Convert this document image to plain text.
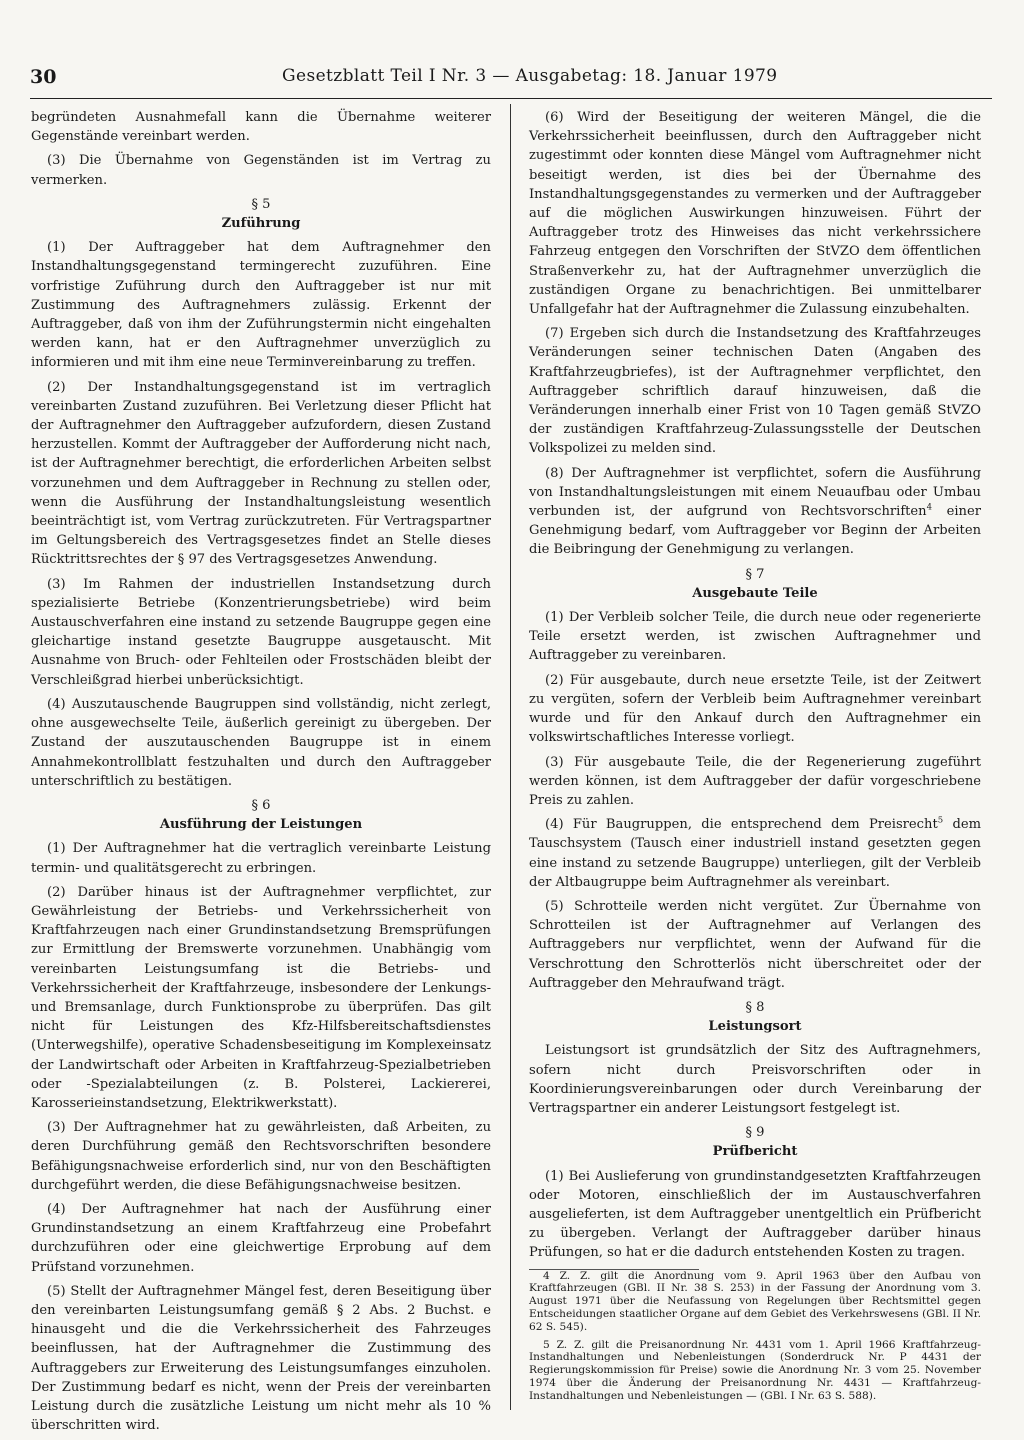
30	Gesetzblatt Teil I Nr. 3 — Ausgabetag: 18. Januar 1979

begründeten Ausnahmefall kann die Übernahme weiterer Gegenstände vereinbart werden.

(3) Die Übernahme von Gegenständen ist im Vertrag zu vermerken.

§ 5
Zuführung

(1) Der Auftraggeber hat dem Auftragnehmer den Instandhaltungsgegenstand termingerecht zuzuführen. Eine vorfristige Zuführung durch den Auftraggeber ist nur mit Zustimmung des Auftragnehmers zulässig. Erkennt der Auftraggeber, daß von ihm der Zuführungstermin nicht eingehalten werden kann, hat er den Auftragnehmer unverzüglich zu informieren und mit ihm eine neue Terminvereinbarung zu treffen.

(2) Der Instandhaltungsgegenstand ist im vertraglich vereinbarten Zustand zuzuführen. Bei Verletzung dieser Pflicht hat der Auftragnehmer den Auftraggeber aufzufordern, diesen Zustand herzustellen. Kommt der Auftraggeber der Aufforderung nicht nach, ist der Auftragnehmer berechtigt, die erforderlichen Arbeiten selbst vorzunehmen und dem Auftraggeber in Rechnung zu stellen oder, wenn die Ausführung der Instandhaltungsleistung wesentlich beeinträchtigt ist, vom Vertrag zurückzutreten. Für Vertragspartner im Geltungsbereich des Vertragsgesetzes findet an Stelle dieses Rücktrittsrechtes der § 97 des Vertragsgesetzes Anwendung.

(3) Im Rahmen der industriellen Instandsetzung durch spezialisierte Betriebe (Konzentrierungsbetriebe) wird beim Austauschverfahren eine instand zu setzende Baugruppe gegen eine gleichartige instand gesetzte Baugruppe ausgetauscht. Mit Ausnahme von Bruch- oder Fehlteilen oder Frostschäden bleibt der Verschleißgrad hierbei unberücksichtigt.

(4) Auszutauschende Baugruppen sind vollständig, nicht zerlegt, ohne ausgewechselte Teile, äußerlich gereinigt zu übergeben. Der Zustand der auszutauschenden Baugruppe ist in einem Annahmekontrollblatt festzuhalten und durch den Auftraggeber unterschriftlich zu bestätigen.

§ 6
Ausführung der Leistungen

(1) Der Auftragnehmer hat die vertraglich vereinbarte Leistung termin- und qualitätsgerecht zu erbringen.

(2) Darüber hinaus ist der Auftragnehmer verpflichtet, zur Gewährleistung der Betriebs- und Verkehrssicherheit von Kraftfahrzeugen nach einer Grundinstandsetzung Bremsprüfungen zur Ermittlung der Bremswerte vorzunehmen. Unabhängig vom vereinbarten Leistungsumfang ist die Betriebs- und Verkehrssicherheit der Kraftfahrzeuge, insbesondere der Lenkungs- und Bremsanlage, durch Funktionsprobe zu überprüfen. Das gilt nicht für Leistungen des Kfz-Hilfsbereitschaftsdienstes (Unterwegshilfe), operative Schadensbeseitigung im Komplexeinsatz der Landwirtschaft oder Arbeiten in Kraftfahrzeug-Spezialbetrieben oder -Spezialabteilungen (z. B. Polsterei, Lackiererei, Karosserieinstandsetzung, Elektrikwerkstatt).

(3) Der Auftragnehmer hat zu gewährleisten, daß Arbeiten, zu deren Durchführung gemäß den Rechtsvorschriften besondere Befähigungsnachweise erforderlich sind, nur von den Beschäftigten durchgeführt werden, die diese Befähigungsnachweise besitzen.

(4) Der Auftragnehmer hat nach der Ausführung einer Grundinstandsetzung an einem Kraftfahrzeug eine Probefahrt durchzuführen oder eine gleichwertige Erprobung auf dem Prüfstand vorzunehmen.

(5) Stellt der Auftragnehmer Mängel fest, deren Beseitigung über den vereinbarten Leistungsumfang gemäß § 2 Abs. 2 Buchst. e hinausgeht und die die Verkehrssicherheit des Fahrzeuges beeinflussen, hat der Auftragnehmer die Zustimmung des Auftraggebers zur Erweiterung des Leistungsumfanges einzuholen. Der Zustimmung bedarf es nicht, wenn der Preis der vereinbarten Leistung durch die zusätzliche Leistung um nicht mehr als 10 % überschritten wird.

(6) Wird der Beseitigung der weiteren Mängel, die die Verkehrssicherheit beeinflussen, durch den Auftraggeber nicht zugestimmt oder konnten diese Mängel vom Auftragnehmer nicht beseitigt werden, ist dies bei der Übernahme des Instandhaltungsgegenstandes zu vermerken und der Auftraggeber auf die möglichen Auswirkungen hinzuweisen. Führt der Auftraggeber trotz des Hinweises das nicht verkehrssichere Fahrzeug entgegen den Vorschriften der StVZO dem öffentlichen Straßenverkehr zu, hat der Auftragnehmer unverzüglich die zuständigen Organe zu benachrichtigen. Bei unmittelbarer Unfallgefahr hat der Auftragnehmer die Zulassung einzubehalten.

(7) Ergeben sich durch die Instandsetzung des Kraftfahrzeuges Veränderungen seiner technischen Daten (Angaben des Kraftfahrzeugbriefes), ist der Auftragnehmer verpflichtet, den Auftraggeber schriftlich darauf hinzuweisen, daß die Veränderungen innerhalb einer Frist von 10 Tagen gemäß StVZO der zuständigen Kraftfahrzeug-Zulassungsstelle der Deutschen Volkspolizei zu melden sind.

(8) Der Auftragnehmer ist verpflichtet, sofern die Ausführung von Instandhaltungsleistungen mit einem Neuaufbau oder Umbau verbunden ist, der aufgrund von Rechtsvorschriften$^4$ einer Genehmigung bedarf, vom Auftraggeber vor Beginn der Arbeiten die Beibringung der Genehmigung zu verlangen.

§ 7
Ausgebaute Teile

(1) Der Verbleib solcher Teile, die durch neue oder regenerierte Teile ersetzt werden, ist zwischen Auftragnehmer und Auftraggeber zu vereinbaren.

(2) Für ausgebaute, durch neue ersetzte Teile, ist der Zeitwert zu vergüten, sofern der Verbleib beim Auftragnehmer vereinbart wurde und für den Ankauf durch den Auftragnehmer ein volkswirtschaftliches Interesse vorliegt.

(3) Für ausgebaute Teile, die der Regenerierung zugeführt werden können, ist dem Auftraggeber der dafür vorgeschriebene Preis zu zahlen.

(4) Für Baugruppen, die entsprechend dem Preisrecht$^5$ dem Tauschsystem (Tausch einer industriell instand gesetzten gegen eine instand zu setzende Baugruppe) unterliegen, gilt der Verbleib der Altbaugruppe beim Auftragnehmer als vereinbart.

(5) Schrotteile werden nicht vergütet. Zur Übernahme von Schrotteilen ist der Auftragnehmer auf Verlangen des Auftraggebers nur verpflichtet, wenn der Aufwand für die Verschrottung den Schrotterlös nicht überschreitet oder der Auftraggeber den Mehraufwand trägt.

§ 8
Leistungsort

Leistungsort ist grundsätzlich der Sitz des Auftragnehmers, sofern nicht durch Preisvorschriften oder in Koordinierungsvereinbarungen oder durch Vereinbarung der Vertragspartner ein anderer Leistungsort festgelegt ist.

§ 9
Prüfbericht

(1) Bei Auslieferung von grundinstandgesetzten Kraftfahrzeugen oder Motoren, einschließlich der im Austauschverfahren ausgelieferten, ist dem Auftraggeber unentgeltlich ein Prüfbericht zu übergeben. Verlangt der Auftraggeber darüber hinaus Prüfungen, so hat er die dadurch entstehenden Kosten zu tragen.

4 Z. Z. gilt die Anordnung vom 9. April 1963 über den Aufbau von Kraftfahrzeugen (GBl. II Nr. 38 S. 253) in der Fassung der Anordnung vom 3. August 1971 über die Neufassung von Regelungen über Rechtsmittel gegen Entscheidungen staatlicher Organe auf dem Gebiet des Verkehrswesens (GBl. II Nr. 62 S. 545).

5 Z. Z. gilt die Preisanordnung Nr. 4431 vom 1. April 1966 Kraftfahrzeug-Instandhaltungen und Nebenleistungen (Sonderdruck Nr. P 4431 der Regierungskommission für Preise) sowie die Anordnung Nr. 3 vom 25. November 1974 über die Änderung der Preisanordnung Nr. 4431 — Kraftfahrzeug-Instandhaltungen und Nebenleistungen — (GBl. I Nr. 63 S. 588).
